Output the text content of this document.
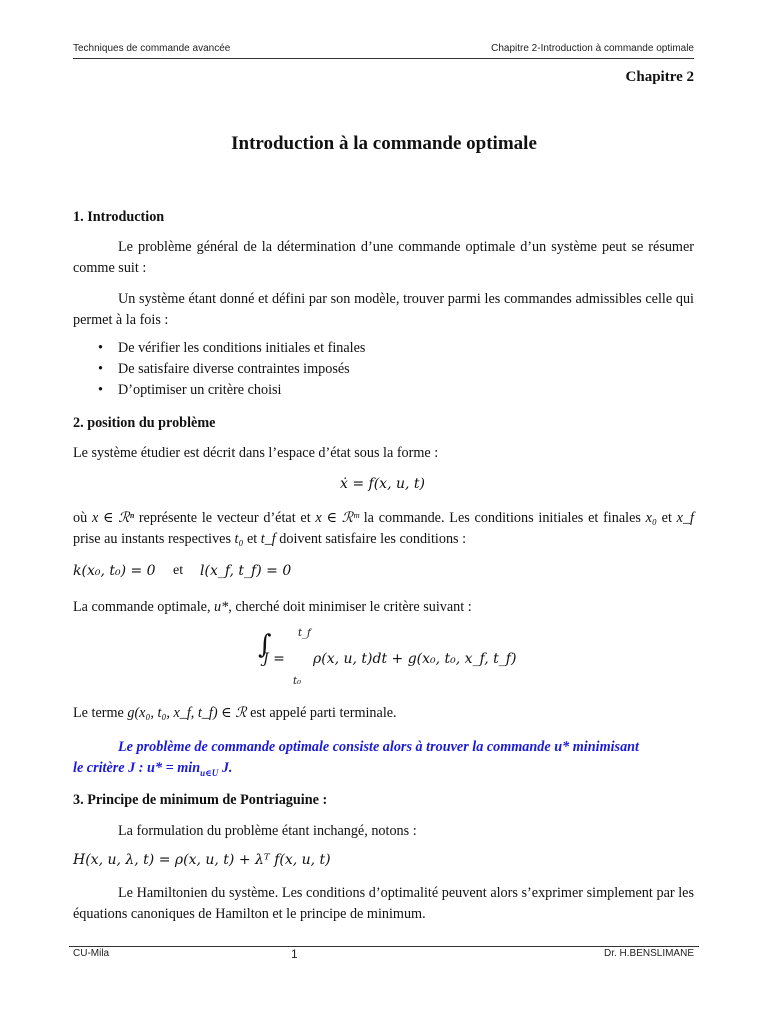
Techniques de commande avancée	Chapitre 2-Introduction à commande optimale
Chapitre 2
Introduction à la commande optimale
1. Introduction
Le problème général de la détermination d’une commande optimale d’un système peut se résumer comme suit :
Un système étant donné et défini par son modèle, trouver parmi les commandes admissibles celle qui permet à la fois :
• De vérifier les conditions initiales et finales
• De satisfaire diverse contraintes imposés
• D’optimiser un critère choisi
2. position du problème
Le système étudier est décrit dans l’espace d’état sous la forme :
ẋ = f(x, u, t)
où x ∈ ℛⁿ représente le vecteur d’état et x ∈ ℛᵐ la commande. Les conditions initiales et finales x₀ et x_f prise au instants respectives t₀ et t_f doivent satisfaire les conditions :
k(x₀, t₀) = 0 et l(x_f, t_f) = 0
La commande optimale, u*, cherché doit minimiser le critère suivant :
t_f
J =
∫	ρ(x, u, t)dt + g(x₀, t₀, x_f, t_f)
t₀
Le terme g(x₀, t₀, x_f, t_f) ∈ ℛ est appelé parti terminale.
Le problème de commande optimale consiste alors à trouver la commande u* minimisant
le critère J : $u* = \min_{u\in U} J$.
3. Principe de minimum de Pontriaguine :
La formulation du problème étant inchangé, notons :
H(x, u, λ, t) = ρ(x, u, t) + λᵀ f(x, u, t)
Le Hamiltonien du système. Les conditions d’optimalité peuvent alors s’exprimer simplement par les équations canoniques de Hamilton et le principe de minimum.
CU-Mila	1	Dr. H.BENSLIMANE
